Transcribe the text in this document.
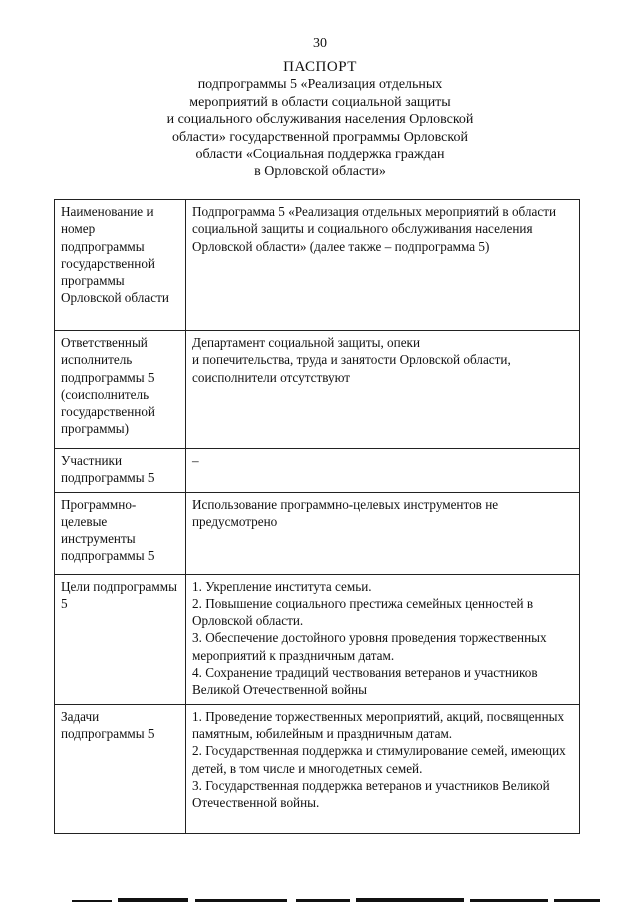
30
ПАСПОРТ
подпрограммы 5 «Реализация отдельных
мероприятий в области социальной защиты
и социального обслуживания населения Орловской
области» государственной программы Орловской
области «Социальная поддержка граждан
в Орловской области»
Наименование и номер подпрограммы государственной программы Орловской области	Подпрограмма 5 «Реализация отдельных мероприятий в области социальной защиты и социального обслуживания населения Орловской области» (далее также – подпрограмма 5)

Ответственный исполнитель подпрограммы 5 (соисполнитель государственной программы)	Департамент социальной защиты, опеки
и попечительства, труда и занятости Орловской области, соисполнители отсутствуют

Участники подпрограммы 5	–

Программно-целевые инструменты подпрограммы 5	Использование программно-целевых инструментов не предусмотрено

Цели подпрограммы 5	1. Укрепление института семьи.
2. Повышение социального престижа семейных ценностей в Орловской области.
3. Обеспечение достойного уровня проведения торжественных мероприятий к праздничным датам.
4. Сохранение традиций чествования ветеранов и участников Великой Отечественной войны

Задачи подпрограммы 5	1. Проведение торжественных мероприятий, акций, посвященных памятным, юбилейным и праздничным датам.
2. Государственная поддержка и стимулирование семей, имеющих детей, в том числе и многодетных семей.
3. Государственная поддержка ветеранов и участников Великой Отечественной войны.
